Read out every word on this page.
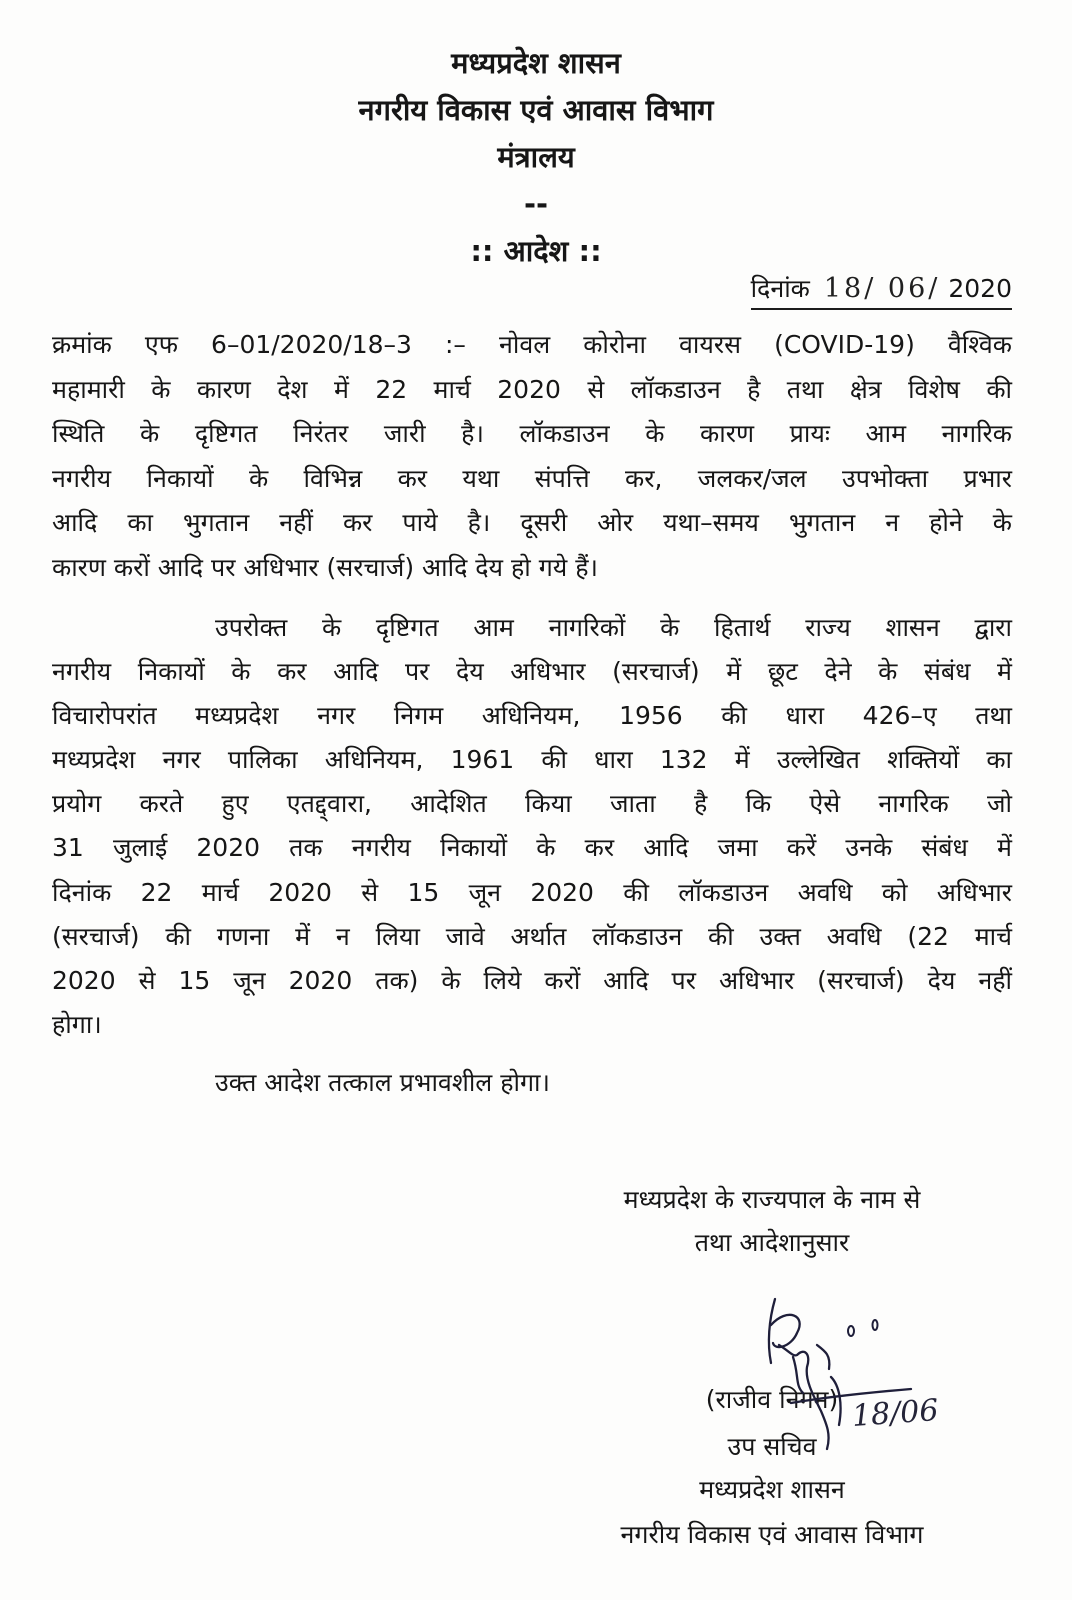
मध्यप्रदेश शासन
नगरीय विकास एवं आवास विभाग
मंत्रालय
--
:: आदेश ::
दिनांक 18/ 06/ 2020
क्रमांक एफ 6–01/2020/18–3 :– नोवल कोरोना वायरस (COVID-19) वैश्विक
महामारी के कारण देश में 22 मार्च 2020 से लॉकडाउन है तथा क्षेत्र विशेष की
स्थिति के दृष्टिगत निरंतर जारी है। लॉकडाउन के कारण प्रायः आम नागरिक
नगरीय निकायों के विभिन्न कर यथा संपत्ति कर, जलकर/जल उपभोक्ता प्रभार
आदि का भुगतान नहीं कर पाये है। दूसरी ओर यथा–समय भुगतान न होने के
कारण करों आदि पर अधिभार (सरचार्ज) आदि देय हो गये हैं।
उपरोक्त के दृष्टिगत आम नागरिकों के हितार्थ राज्य शासन द्वारा
नगरीय निकायों के कर आदि पर देय अधिभार (सरचार्ज) में छूट देने के संबंध में
विचारोपरांत मध्यप्रदेश नगर निगम अधिनियम, 1956 की धारा 426–ए तथा
मध्यप्रदेश नगर पालिका अधिनियम, 1961 की धारा 132 में उल्लेखित शक्तियों का
प्रयोग करते हुए एतद्द्वारा, आदेशित किया जाता है कि ऐसे नागरिक जो
31 जुलाई 2020 तक नगरीय निकायों के कर आदि जमा करें उनके संबंध में
दिनांक 22 मार्च 2020 से 15 जून 2020 की लॉकडाउन अवधि को अधिभार
(सरचार्ज) की गणना में न लिया जावे अर्थात लॉकडाउन की उक्त अवधि (22 मार्च
2020 से 15 जून 2020 तक) के लिये करों आदि पर अधिभार (सरचार्ज) देय नहीं
होगा।
उक्त आदेश तत्काल प्रभावशील होगा।
मध्यप्रदेश के राज्यपाल के नाम से
तथा आदेशानुसार
18/06
(राजीव निगम)
उप सचिव
मध्यप्रदेश शासन
नगरीय विकास एवं आवास विभाग
